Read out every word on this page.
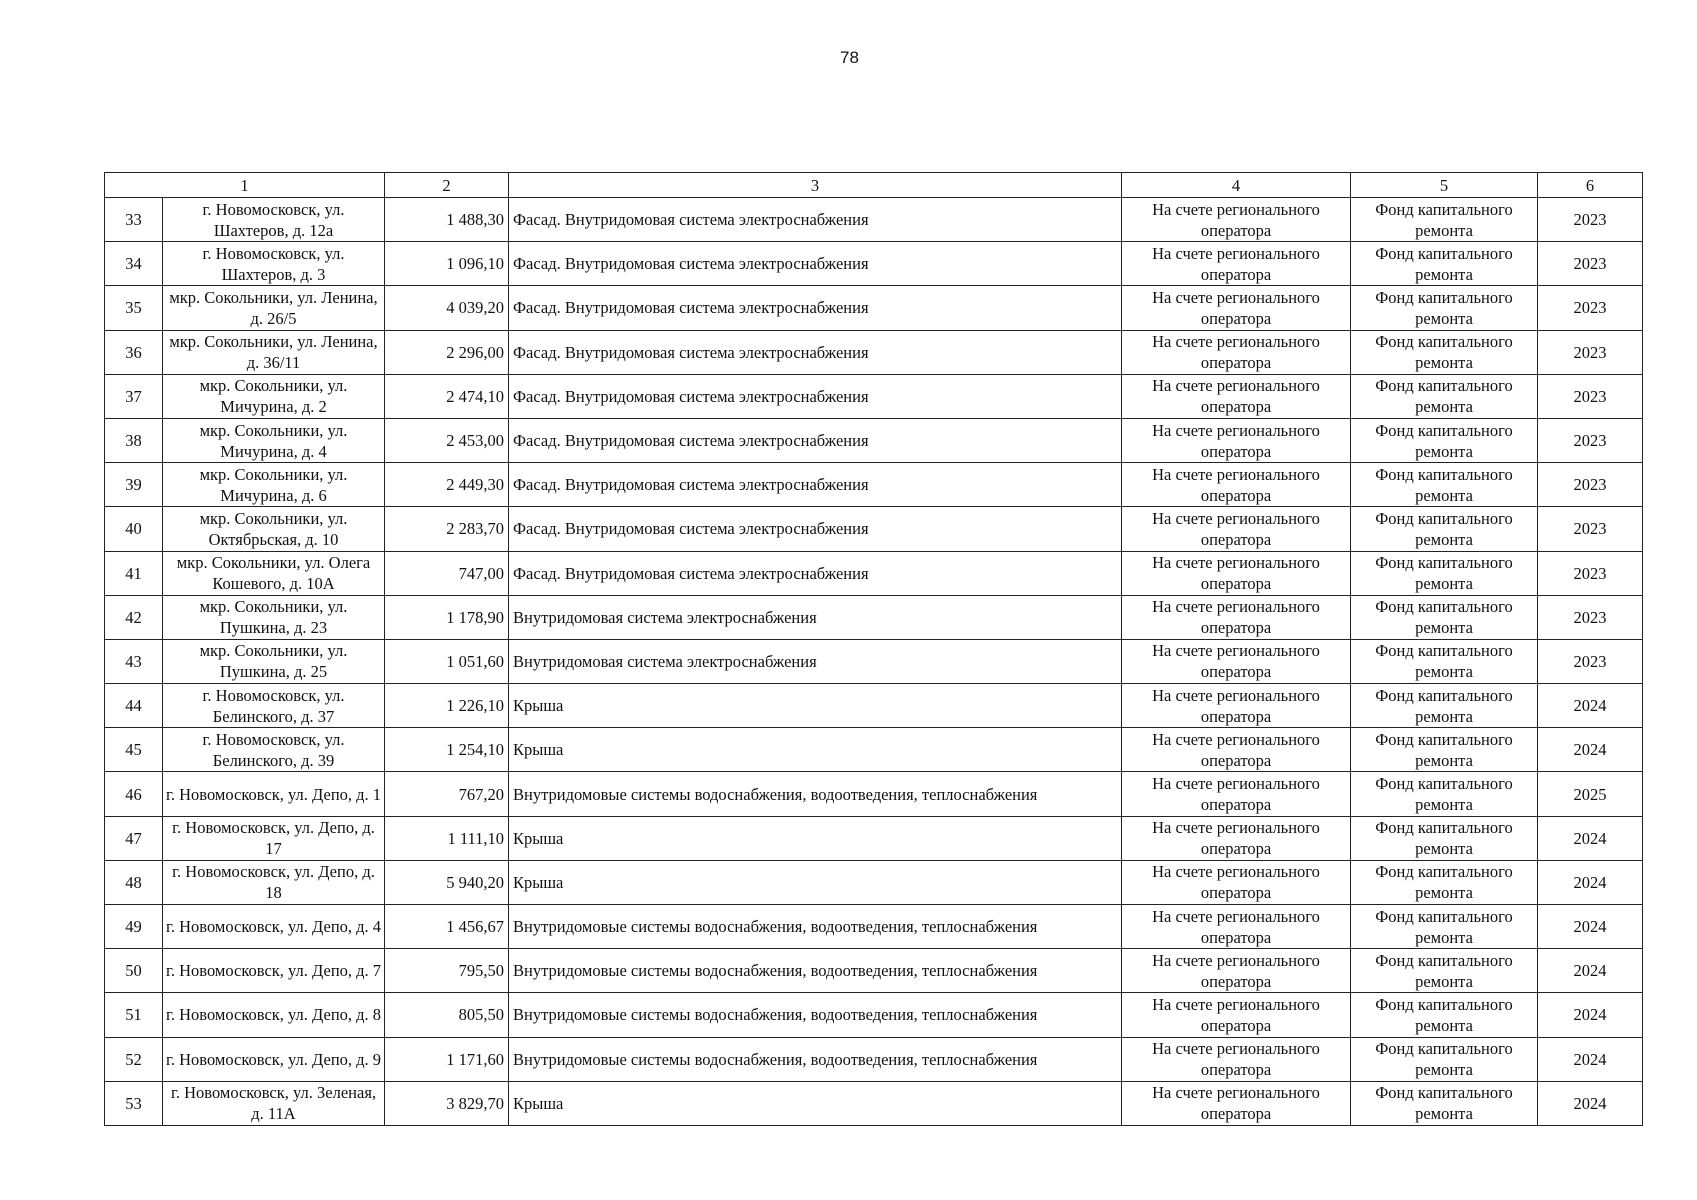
78
1		2	3	4	5	6
33	г. Новомосковск, ул. Шахтеров, д. 12а	1 488,30	Фасад. Внутридомовая система электроснабжения	На счете регионального оператора	Фонд капитального ремонта	2023
34	г. Новомосковск, ул. Шахтеров, д. 3	1 096,10	Фасад. Внутридомовая система электроснабжения	На счете регионального оператора	Фонд капитального ремонта	2023
35	мкр. Сокольники, ул. Ленина, д. 26/5	4 039,20	Фасад. Внутридомовая система электроснабжения	На счете регионального оператора	Фонд капитального ремонта	2023
36	мкр. Сокольники, ул. Ленина, д. 36/11	2 296,00	Фасад. Внутридомовая система электроснабжения	На счете регионального оператора	Фонд капитального ремонта	2023
37	мкр. Сокольники, ул. Мичурина, д. 2	2 474,10	Фасад. Внутридомовая система электроснабжения	На счете регионального оператора	Фонд капитального ремонта	2023
38	мкр. Сокольники, ул. Мичурина, д. 4	2 453,00	Фасад. Внутридомовая система электроснабжения	На счете регионального оператора	Фонд капитального ремонта	2023
39	мкр. Сокольники, ул. Мичурина, д. 6	2 449,30	Фасад. Внутридомовая система электроснабжения	На счете регионального оператора	Фонд капитального ремонта	2023
40	мкр. Сокольники, ул. Октябрьская, д. 10	2 283,70	Фасад. Внутридомовая система электроснабжения	На счете регионального оператора	Фонд капитального ремонта	2023
41	мкр. Сокольники, ул. Олега Кошевого, д. 10А	747,00	Фасад. Внутридомовая система электроснабжения	На счете регионального оператора	Фонд капитального ремонта	2023
42	мкр. Сокольники, ул. Пушкина, д. 23	1 178,90	Внутридомовая система электроснабжения	На счете регионального оператора	Фонд капитального ремонта	2023
43	мкр. Сокольники, ул. Пушкина, д. 25	1 051,60	Внутридомовая система электроснабжения	На счете регионального оператора	Фонд капитального ремонта	2023
44	г. Новомосковск, ул. Белинского, д. 37	1 226,10	Крыша	На счете регионального оператора	Фонд капитального ремонта	2024
45	г. Новомосковск, ул. Белинского, д. 39	1 254,10	Крыша	На счете регионального оператора	Фонд капитального ремонта	2024
46	г. Новомосковск, ул. Депо, д. 1	767,20	Внутридомовые системы водоснабжения, водоотведения, теплоснабжения	На счете регионального оператора	Фонд капитального ремонта	2025
47	г. Новомосковск, ул. Депо, д. 17	1 111,10	Крыша	На счете регионального оператора	Фонд капитального ремонта	2024
48	г. Новомосковск, ул. Депо, д. 18	5 940,20	Крыша	На счете регионального оператора	Фонд капитального ремонта	2024
49	г. Новомосковск, ул. Депо, д. 4	1 456,67	Внутридомовые системы водоснабжения, водоотведения, теплоснабжения	На счете регионального оператора	Фонд капитального ремонта	2024
50	г. Новомосковск, ул. Депо, д. 7	795,50	Внутридомовые системы водоснабжения, водоотведения, теплоснабжения	На счете регионального оператора	Фонд капитального ремонта	2024
51	г. Новомосковск, ул. Депо, д. 8	805,50	Внутридомовые системы водоснабжения, водоотведения, теплоснабжения	На счете регионального оператора	Фонд капитального ремонта	2024
52	г. Новомосковск, ул. Депо, д. 9	1 171,60	Внутридомовые системы водоснабжения, водоотведения, теплоснабжения	На счете регионального оператора	Фонд капитального ремонта	2024
53	г. Новомосковск, ул. Зеленая, д. 11А	3 829,70	Крыша	На счете регионального оператора	Фонд капитального ремонта	2024
